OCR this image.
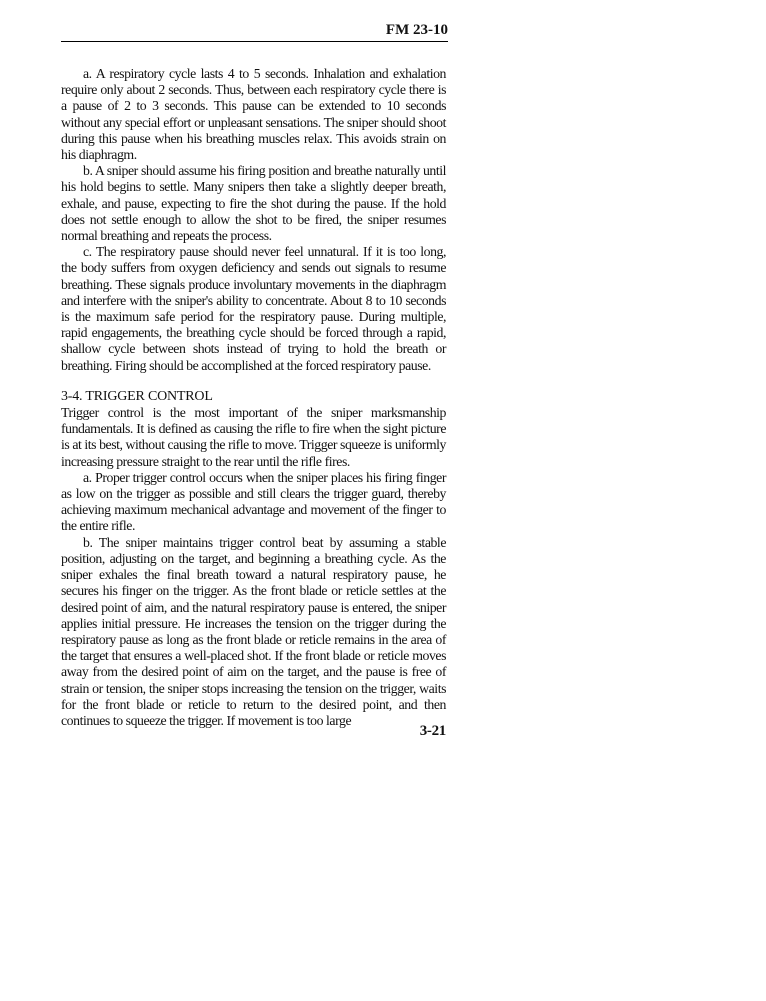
FM 23-10

a. A respiratory cycle lasts 4 to 5 seconds. Inhalation and exhalation require only about 2 seconds. Thus, between each respiratory cycle there is a pause of 2 to 3 seconds. This pause can be extended to 10 seconds without any special effort or unpleasant sensations. The sniper should shoot during this pause when his breathing muscles relax. This avoids strain on his diaphragm.

b. A sniper should assume his firing position and breathe naturally until his hold begins to settle. Many snipers then take a slightly deeper breath, exhale, and pause, expecting to fire the shot during the pause. If the hold does not settle enough to allow the shot to be fired, the sniper resumes normal breathing and repeats the process.

c. The respiratory pause should never feel unnatural. If it is too long, the body suffers from oxygen deficiency and sends out signals to resume breathing. These signals produce involuntary movements in the diaphragm and interfere with the sniper's ability to concentrate. About 8 to 10 seconds is the maximum safe period for the respiratory pause. During multiple, rapid engagements, the breathing cycle should be forced through a rapid, shallow cycle between shots instead of trying to hold the breath or breathing. Firing should be accomplished at the forced respiratory pause.

3-4. TRIGGER CONTROL

Trigger control is the most important of the sniper marksmanship fundamentals. It is defined as causing the rifle to fire when the sight picture is at its best, without causing the rifle to move. Trigger squeeze is uniformly increasing pressure straight to the rear until the rifle fires.

a. Proper trigger control occurs when the sniper places his firing finger as low on the trigger as possible and still clears the trigger guard, thereby achieving maximum mechanical advantage and movement of the finger to the entire rifle.

b. The sniper maintains trigger control beat by assuming a stable position, adjusting on the target, and beginning a breathing cycle. As the sniper exhales the final breath toward a natural respiratory pause, he secures his finger on the trigger. As the front blade or reticle settles at the desired point of aim, and the natural respiratory pause is entered, the sniper applies initial pressure. He increases the tension on the trigger during the respiratory pause as long as the front blade or reticle remains in the area of the target that ensures a well-placed shot. If the front blade or reticle moves away from the desired point of aim on the target, and the pause is free of strain or tension, the sniper stops increasing the tension on the trigger, waits for the front blade or reticle to return to the desired point, and then continues to squeeze the trigger. If movement is too large

3-21
